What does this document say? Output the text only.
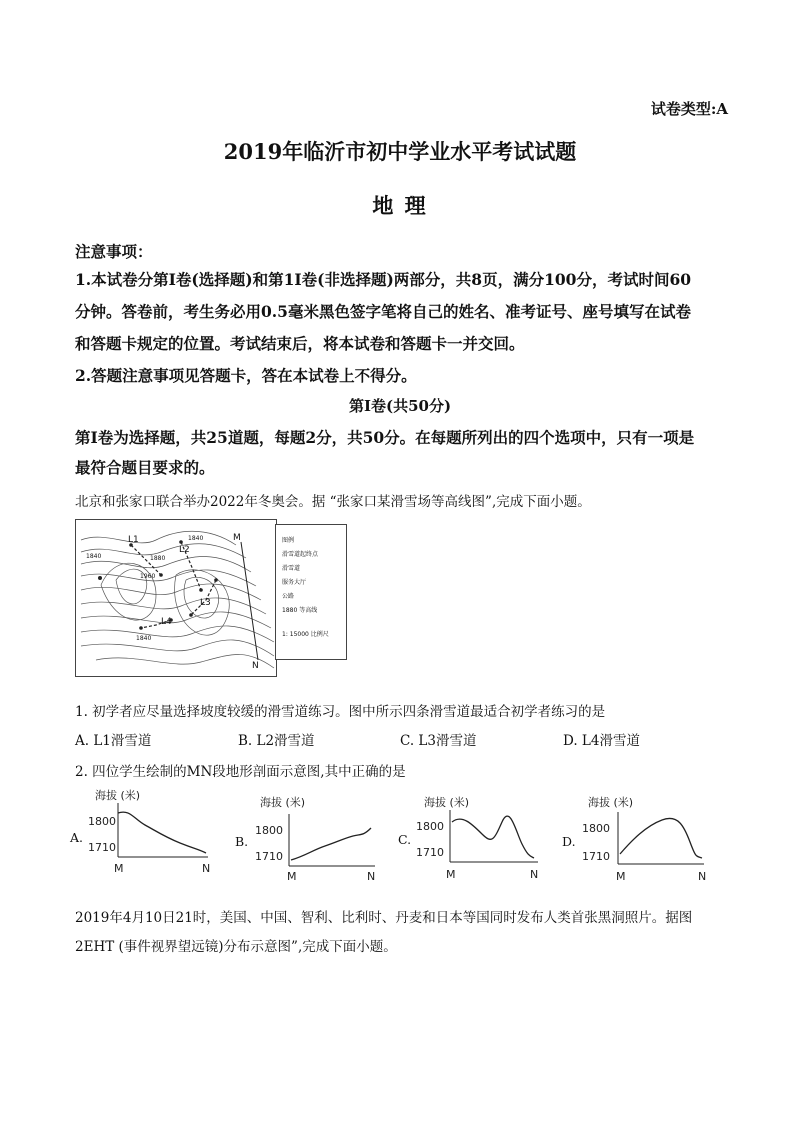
试卷类型:A
2019年临沂市初中学业水平考试试题
地 理
注意事项：
1.本试卷分第Ⅰ卷(选择题)和第1I卷(非选择题)两部分，共8页，满分100分，考试时间60
分钟。答卷前，考生务必用0.5毫米黑色签字笔将自己的姓名、准考证号、座号填写在试卷
和答题卡规定的位置。考试结束后，将本试卷和答题卡一并交回。
2.答题注意事项见答题卡，答在本试卷上不得分。
第Ⅰ卷(共50分)
第Ⅰ卷为选择题，共25道题，每题2分，共50分。在每题所列出的四个选项中，只有一项是
最符合题目要求的。
北京和张家口联合举办2022年冬奥会。据 “张家口某滑雪场等高线图”,完成下面小题。
L1
L2
L3
L4
M
N
1840	1880
1840
1960
1840
图例
滑雪道起终点
滑雪道
服务大厅
公路
1880 等高线
1: 15000 比例尺
1. 初学者应尽量选择坡度较缓的滑雪道练习。图中所示四条滑雪道最适合初学者练习的是
A. L1滑雪道	B. L2滑雪道	C. L3滑雪道	D. L4滑雪道
2. 四位学生绘制的MN段地形剖面示意图,其中正确的是
A.
海拔 (米)
1800
1710
M	N
B.
海拔 (米)
1800
1710
M	N
C.
海拔 (米)
1800
1710
M	N
D.
海拔 (米)
1800
1710
M	N
2019年4月10日21时，美国、中国、智利、比利时、丹麦和日本等国同时发布人类首张黑洞照片。据图
2EHT (事件视界望远镜)分布示意图”,完成下面小题。
